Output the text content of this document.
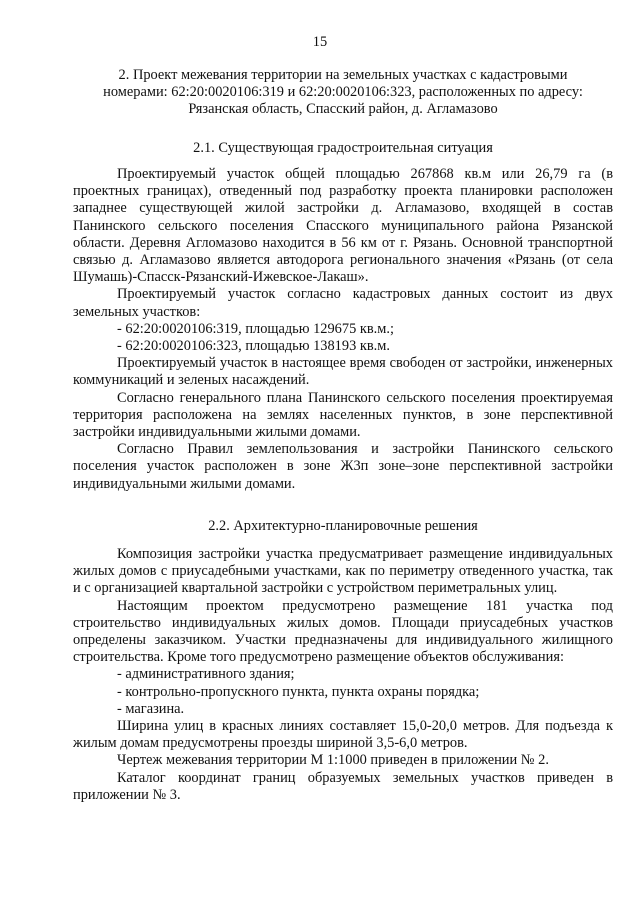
15
2. Проект межевания территории на земельных участках с кадастровыми
номерами: 62:20:0020106:319 и 62:20:0020106:323, расположенных по адресу:
Рязанская область, Спасский район, д. Агламазово
2.1. Существующая градостроительная ситуация

Проектируемый участок общей площадью 267868 кв.м или 26,79 га (в проектных границах), отведенный под разработку проекта планировки расположен западнее существующей жилой застройки д. Агламазово, входящей в состав Панинского сельского поселения Спасского муниципального района Рязанской области. Деревня Агломазово находится в 56 км от г. Рязань. Основной транспортной связью д. Агламазово является автодорога регионального значения «Рязань (от села Шумашь)-Спасск-Рязанский-Ижевское-Лакаш».

Проектируемый участок согласно кадастровых данных состоит из двух земельных участков:

- 62:20:0020106:319, площадью 129675 кв.м.;

- 62:20:0020106:323, площадью 138193 кв.м.

Проектируемый участок в настоящее время свободен от застройки, инженерных коммуникаций и зеленых насаждений.

Согласно генерального плана Панинского сельского поселения проектируемая территория расположена на землях населенных пунктов, в зоне перспективной застройки индивидуальными жилыми домами.

Согласно Правил землепользования и застройки Панинского сельского поселения участок расположен в зоне Ж3п зоне–зоне перспективной застройки индивидуальными жилыми домами.

2.2. Архитектурно-планировочные решения

Композиция застройки участка предусматривает размещение индивидуальных жилых домов с приусадебными участками, как по периметру отведенного участка, так и с организацией квартальной застройки с устройством периметральных улиц.

Настоящим проектом предусмотрено размещение 181 участка под строительство индивидуальных жилых домов. Площади приусадебных участков определены заказчиком. Участки предназначены для индивидуального жилищного строительства. Кроме того предусмотрено размещение объектов обслуживания:

- административного здания;

- контрольно-пропускного пункта, пункта охраны порядка;

- магазина.

Ширина улиц в красных линиях составляет 15,0-20,0 метров. Для подъезда к жилым домам предусмотрены проезды шириной 3,5-6,0 метров.

Чертеж межевания территории М 1:1000 приведен в приложении № 2.

Каталог координат границ образуемых земельных участков приведен в приложении № 3.
